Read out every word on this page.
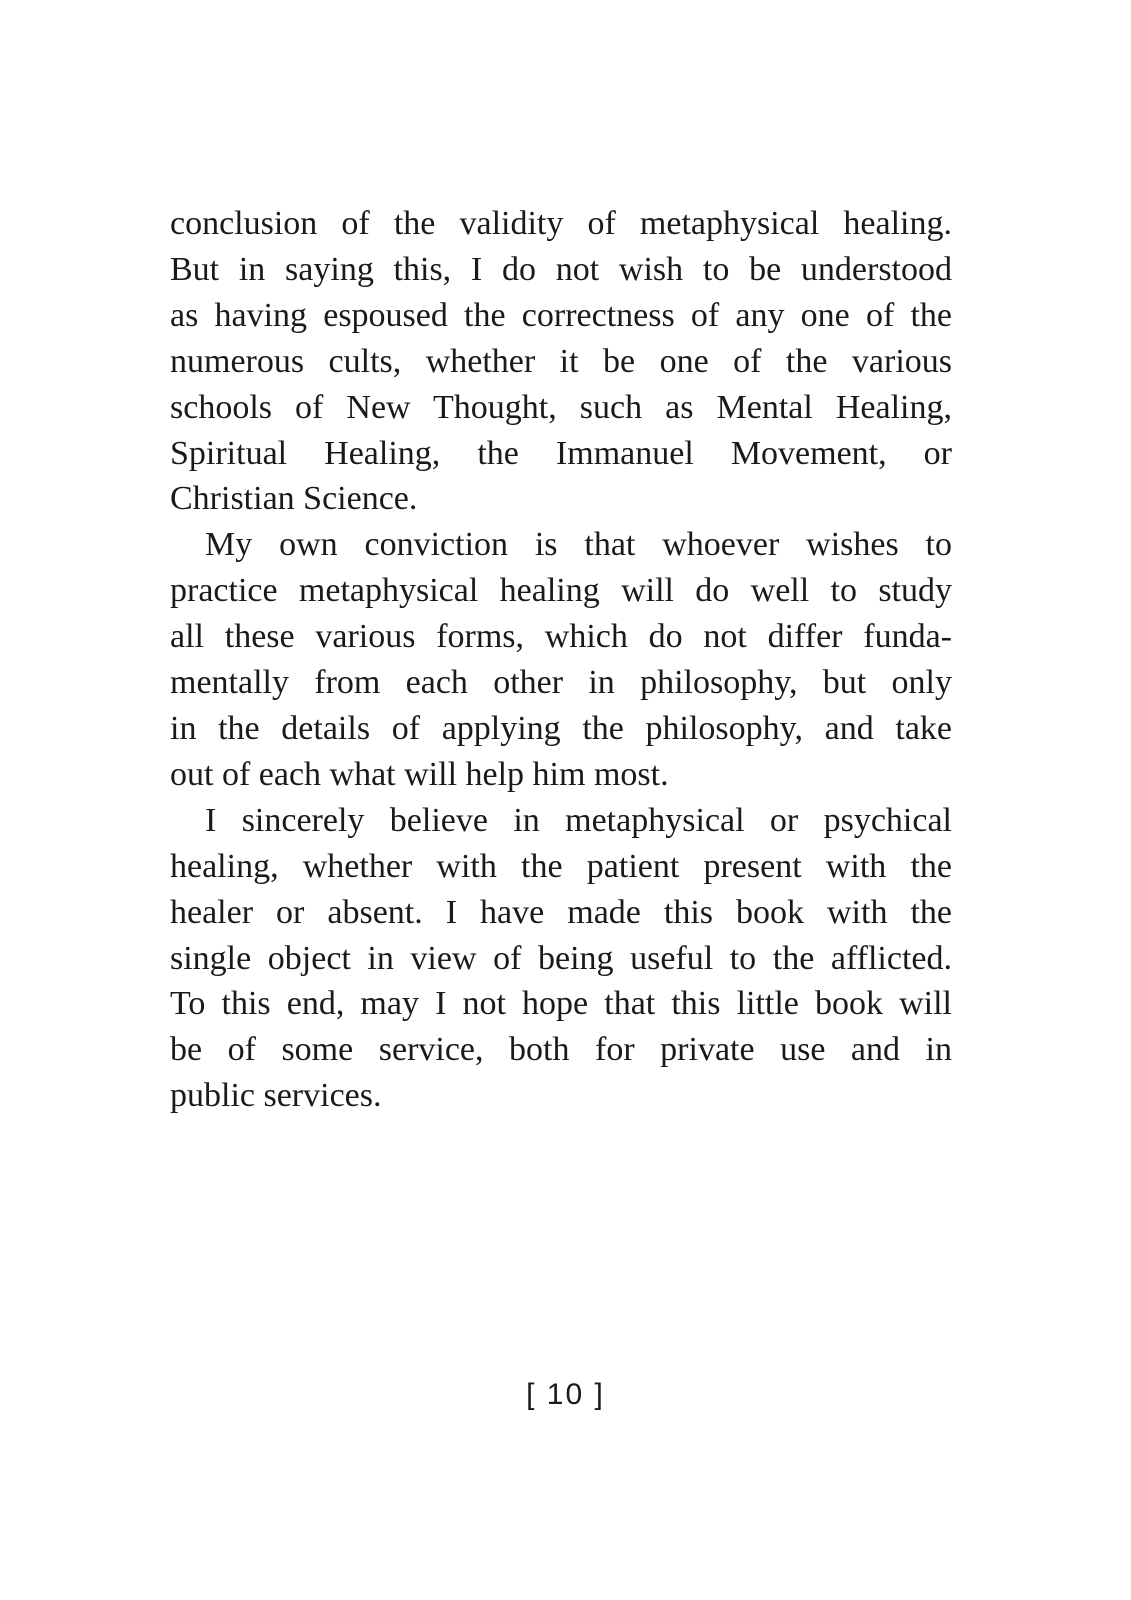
conclusion of the validity of metaphysical healing.
But in saying this, I do not wish to be understood
as having espoused the correctness of any one of the
numerous cults, whether it be one of the various
schools of New Thought, such as Mental Healing,
Spiritual Healing, the Immanuel Movement, or
Christian Science.
My own conviction is that whoever wishes to
practice metaphysical healing will do well to study
all these various forms, which do not differ funda-
mentally from each other in philosophy, but only
in the details of applying the philosophy, and take
out of each what will help him most.
I sincerely believe in metaphysical or psychical
healing, whether with the patient present with the
healer or absent. I have made this book with the
single object in view of being useful to the afflicted.
To this end, may I not hope that this little book will
be of some service, both for private use and in
public services.
[ 10 ]
